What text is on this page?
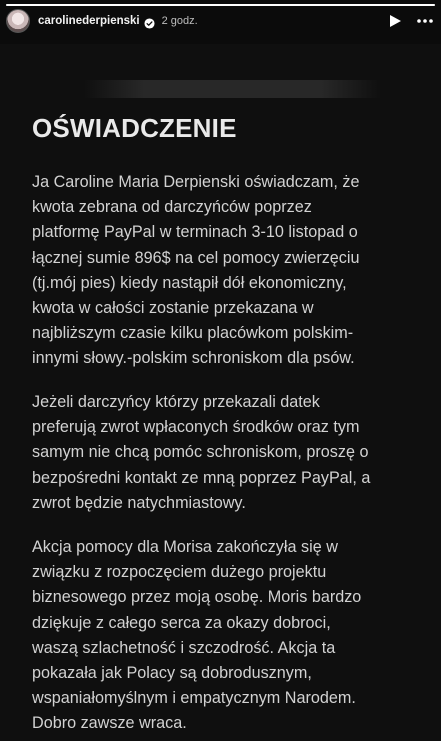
carolinederpienski 2 godz.
OŚWIADCZENIE
Ja Caroline Maria Derpienski oświadczam, że
kwota zebrana od darczyńców poprzez
platformę PayPal w terminach 3-10 listopad o
łącznej sumie 896$ na cel pomocy zwierzęciu
(tj.mój pies) kiedy nastąpił dół ekonomiczny,
kwota w całości zostanie przekazana w
najbliższym czasie kilku placówkom polskim-
innymi słowy.-polskim schroniskom dla psów.
Jeżeli darczyńcy którzy przekazali datek
preferują zwrot wpłaconych środków oraz tym
samym nie chcą pomóc schroniskom, proszę o
bezpośredni kontakt ze mną poprzez PayPal, a
zwrot będzie natychmiastowy.
Akcja pomocy dla Morisa zakończyła się w
związku z rozpoczęciem dużego projektu
biznesowego przez moją osobę. Moris bardzo
dziękuje z całego serca za okazy dobroci,
waszą szlachetność i szczodrość. Akcja ta
pokazała jak Polacy są dobrodusznym,
wspaniałomyślnym i empatycznym Narodem.
Dobro zawsze wraca.
